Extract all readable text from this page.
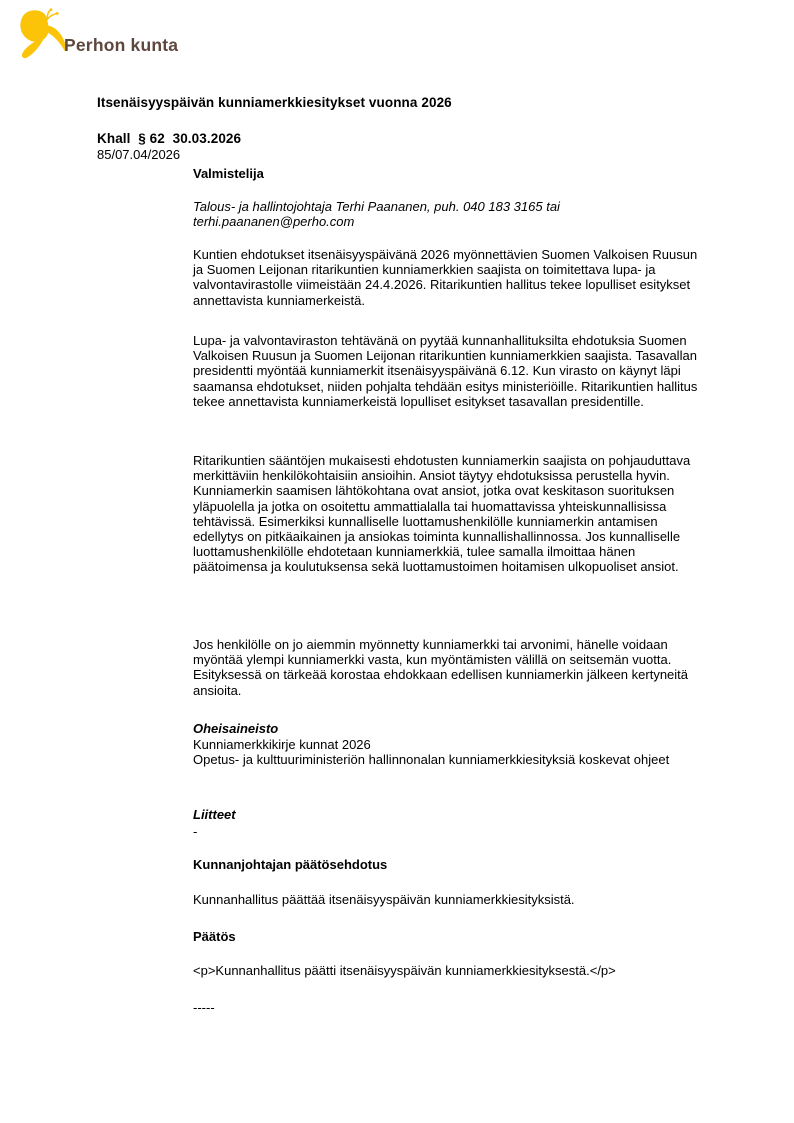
Perhon kunta
Itsenäisyyspäivän kunniamerkkiesitykset vuonna 2026
Khall  § 62  30.03.2026
85/07.04/2026
Valmistelija
Talous- ja hallintojohtaja Terhi Paananen, puh. 040 183 3165 tai terhi.paananen@perho.com
Kuntien ehdotukset itsenäisyyspäivänä 2026 myönnettävien Suomen Valkoisen Ruusun ja Suomen Leijonan ritarikuntien kunniamerkkien saajista on toimitettava lupa- ja valvontavirastolle viimeistään 24.4.2026. Ritarikuntien hallitus tekee lopulliset esitykset annettavista kunniamerkeistä.
Lupa- ja valvontaviraston tehtävänä on pyytää kunnanhallituksilta ehdotuksia Suomen Valkoisen Ruusun ja Suomen Leijonan ritarikuntien kunniamerkkien saajista. Tasavallan presidentti myöntää kunniamerkit itsenäisyyspäivänä 6.12. Kun virasto on käynyt läpi saamansa ehdotukset, niiden pohjalta tehdään esitys ministeriöille. Ritarikuntien hallitus tekee annettavista kunniamerkeistä lopulliset esitykset tasavallan presidentille.
Ritarikuntien sääntöjen mukaisesti ehdotusten kunniamerkin saajista on pohjauduttava merkittäviin henkilökohtaisiin ansioihin. Ansiot täytyy ehdotuksissa perustella hyvin. Kunniamerkin saamisen lähtökohtana ovat ansiot, jotka ovat keskitason suorituksen yläpuolella ja jotka on osoitettu ammattialalla tai huomattavissa yhteiskunnallisissa tehtävissä. Esimerkiksi kunnalliselle luottamushenkilölle kunniamerkin antamisen edellytys on pitkäaikainen ja ansiokas toiminta kunnallishallinnossa. Jos kunnalliselle luottamushenkilölle ehdotetaan kunniamerkkiä, tulee samalla ilmoittaa hänen päätoimensa ja koulutuksensa sekä luottamustoimen hoitamisen ulkopuoliset ansiot.
Jos henkilölle on jo aiemmin myönnetty kunniamerkki tai arvonimi, hänelle voidaan myöntää ylempi kunniamerkki vasta, kun myöntämisten välillä on seitsemän vuotta. Esityksessä on tärkeää korostaa ehdokkaan edellisen kunniamerkin jälkeen kertyneitä ansioita.
Oheisaineisto
Kunniamerkkikirje kunnat 2026
Opetus- ja kulttuuriministeriön hallinnonalan kunniamerkkiesityksiä koskevat ohjeet
Liitteet
-
Kunnanjohtajan päätösehdotus
Kunnanhallitus päättää itsenäisyyspäivän kunniamerkkiesityksistä.
Päätös
<p>Kunnanhallitus päätti itsenäisyyspäivän kunniamerkkiesityksestä.</p>
-----
